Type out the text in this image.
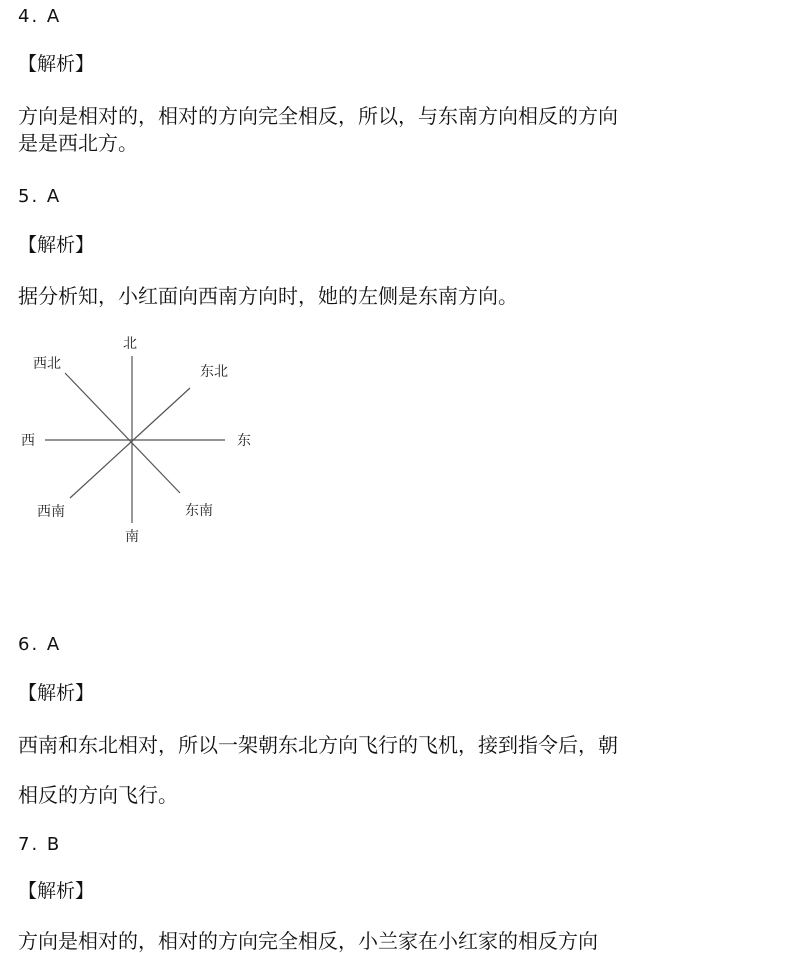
4. A
【解析】
方向是相对的，相对的方向完全相反，所以，与东南方向相反的方向
是是西北方。
5. A
【解析】
据分析知，小红面向西南方向时，她的左侧是东南方向。
北
东北
东
东南
南
西南
西
西北
6. A
【解析】
西南和东北相对，所以一架朝东北方向飞行的飞机，接到指令后，朝
相反的方向飞行。
7. B
【解析】
方向是相对的，相对的方向完全相反，小兰家在小红家的相反方向
